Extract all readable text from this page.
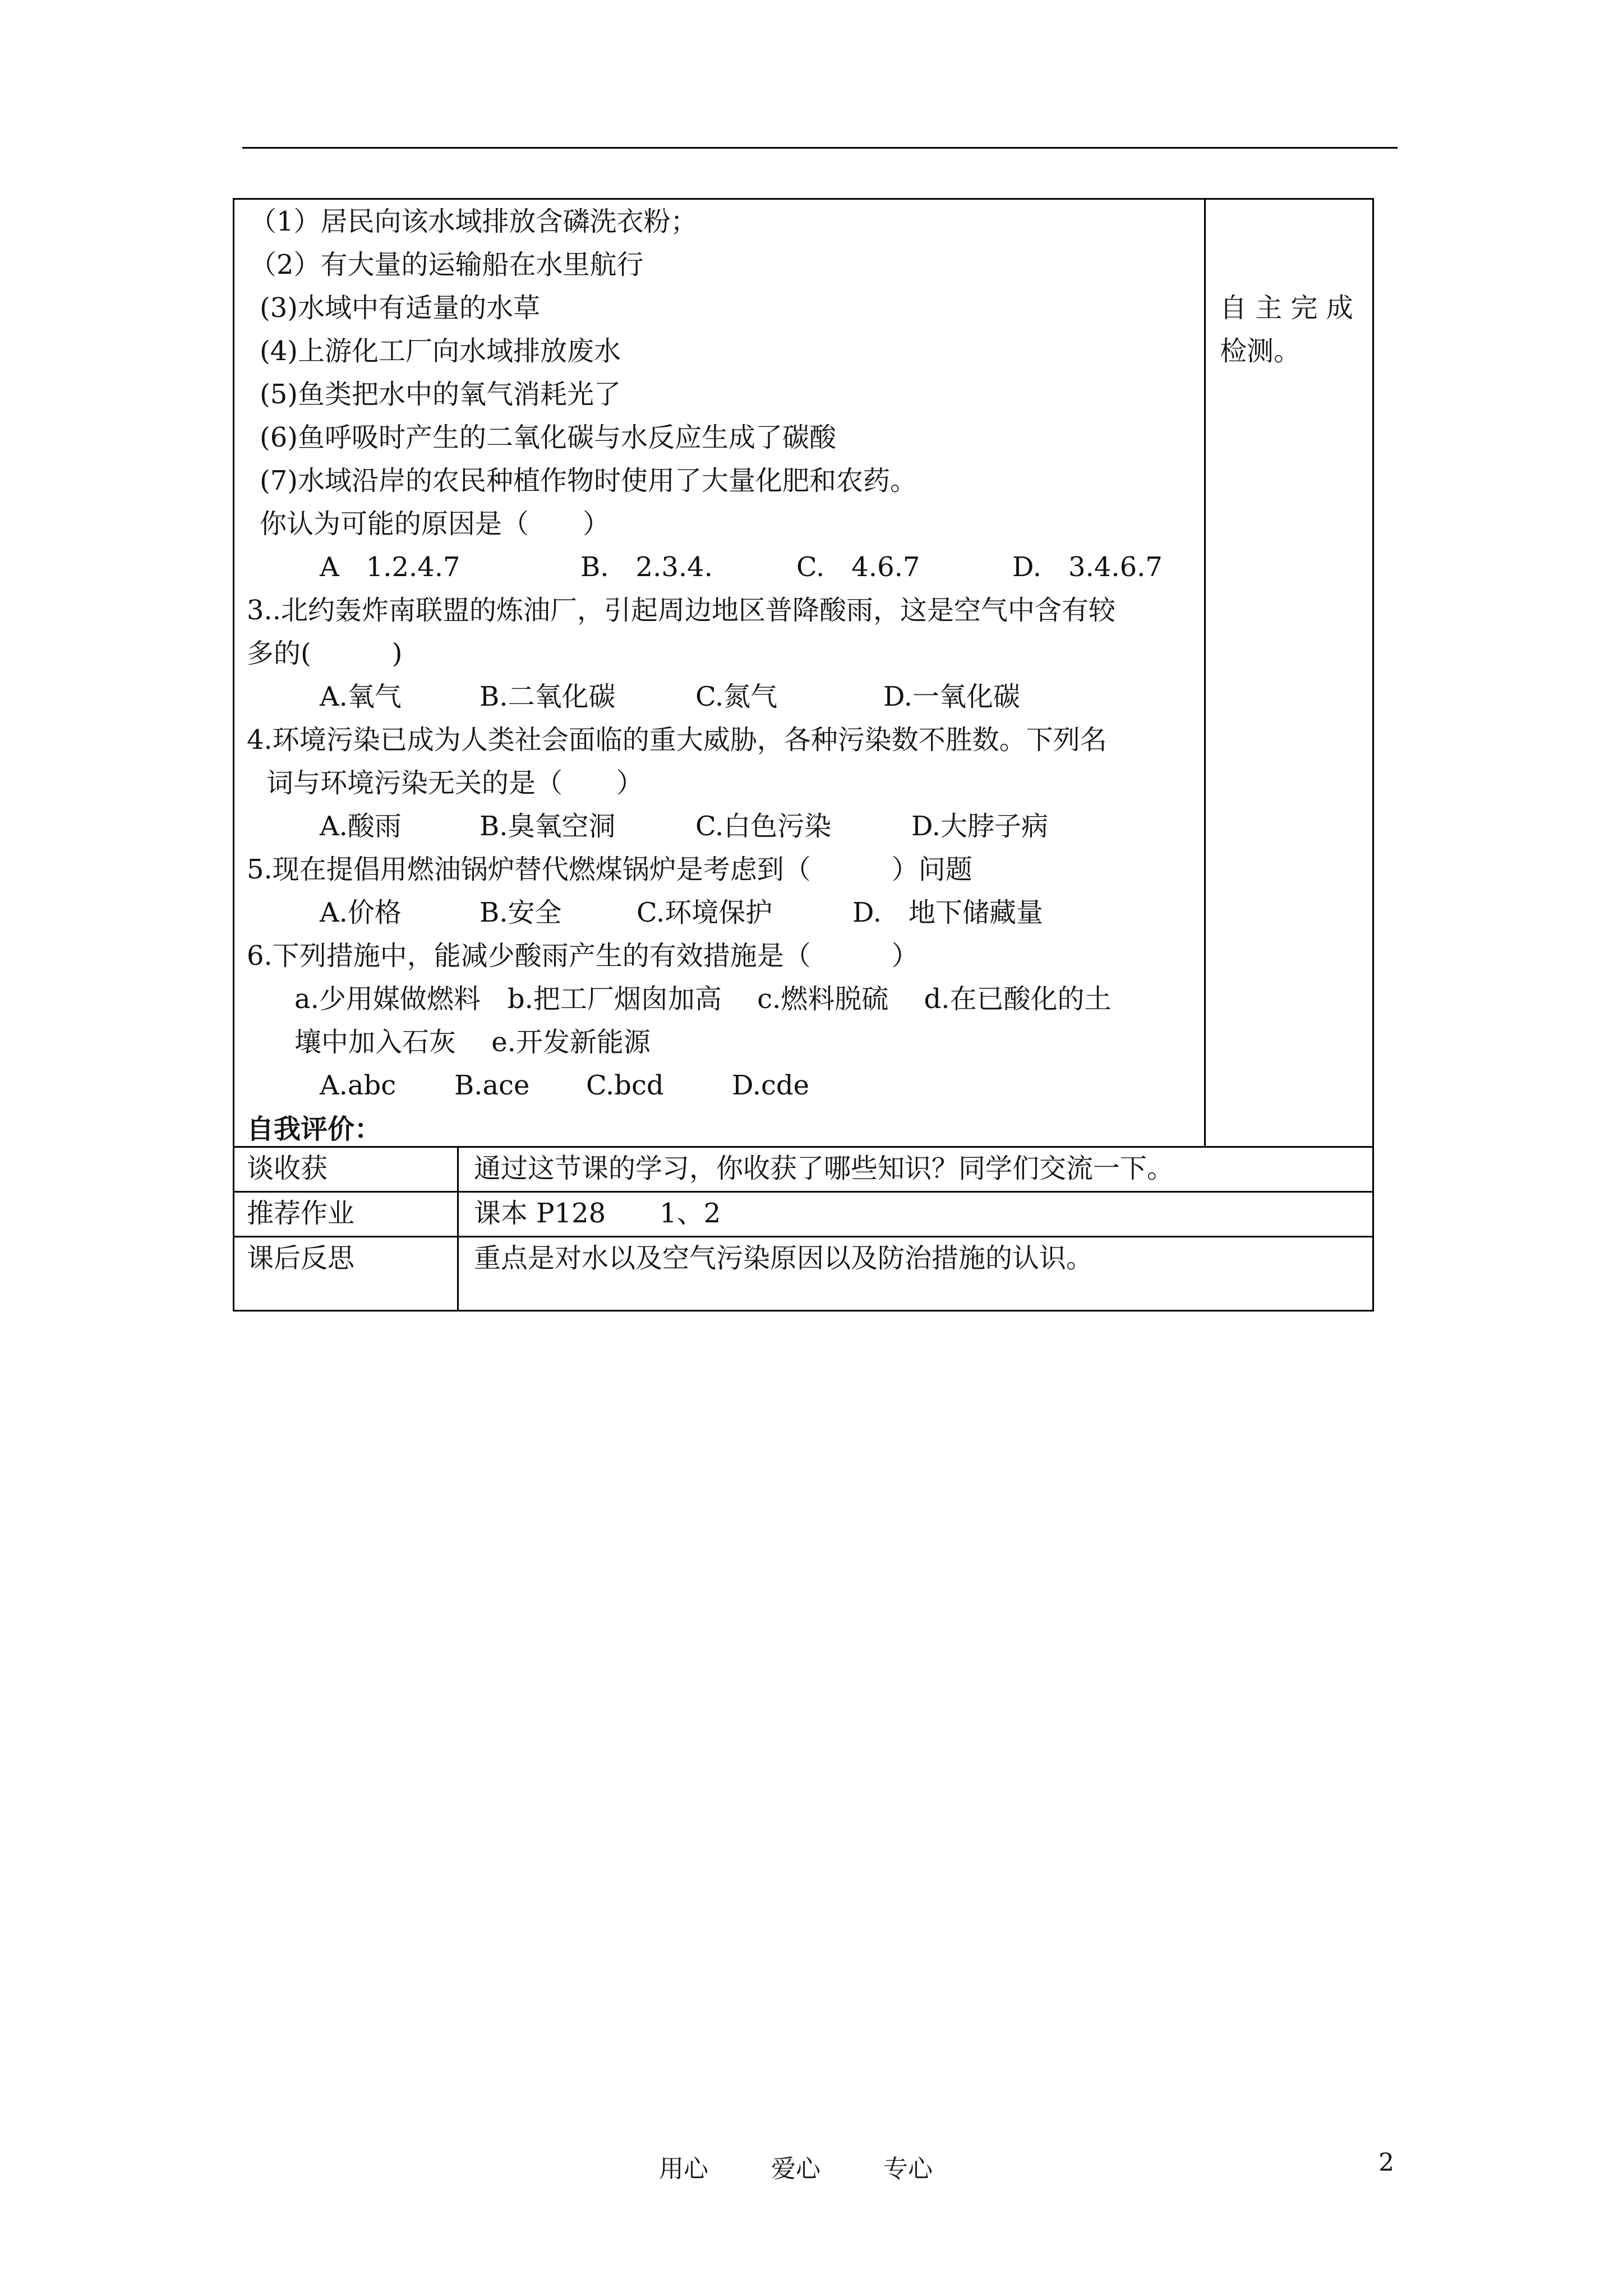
（1）居民向该水域排放含磷洗衣粉；
（2）有大量的运输船在水里航行
(3)水域中有适量的水草
(4)上游化工厂向水域排放废水
(5)鱼类把水中的氧气消耗光了
(6)鱼呼吸时产生的二氧化碳与水反应生成了碳酸
(7)水域沿岸的农民种植作物时使用了大量化肥和农药。
你认为可能的原因是（　　）
A　1.2.4.7	B.　2.3.4.	C.　4.6.7	D.　3.4.6.7
3..北约轰炸南联盟的炼油厂，引起周边地区普降酸雨，这是空气中含有较
多的(　　　)
A.氧气	B.二氧化碳	C.氮气	D.一氧化碳
4.环境污染已成为人类社会面临的重大威胁，各种污染数不胜数。下列名
词与环境污染无关的是（　　）
A.酸雨	B.臭氧空洞	C.白色污染	D.大脖子病
5.现在提倡用燃油锅炉替代燃煤锅炉是考虑到（　　　）问题
A.价格	B.安全	C.环境保护	D.　地下储藏量
6.下列措施中，能减少酸雨产生的有效措施是（　　　）
a.少用媒做燃料　b.把工厂烟囱加高　 c.燃料脱硫　 d.在已酸化的土
壤中加入石灰　 e.开发新能源
A.abc B.ace C.bcd	D.cde
自我评价：
自 主 完 成
检测。
谈收获	通过这节课的学习，你收获了哪些知识？同学们交流一下。
推荐作业	课本 P128　　1、2
课后反思	重点是对水以及空气污染原因以及防治措施的认识。
用心	爱心	专心	2
